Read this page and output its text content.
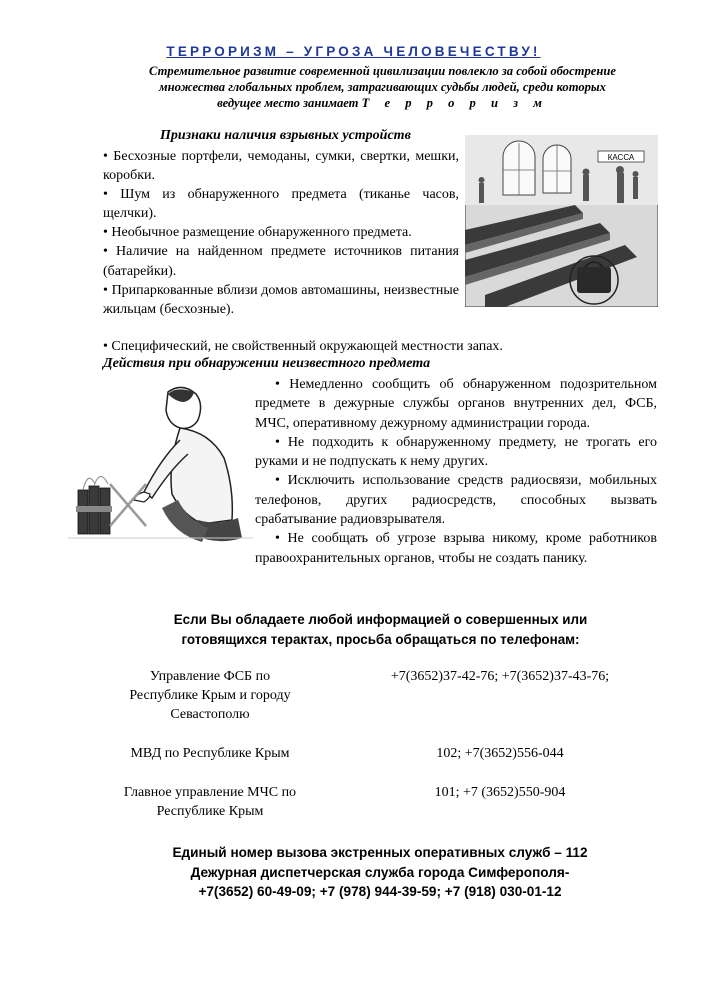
ТЕРРОРИЗМ – УГРОЗА ЧЕЛОВЕЧЕСТВУ!
Стремительное развитие современной цивилизации повлекло за собой обострение
множества глобальных проблем, затрагивающих судьбы людей, среди которых
ведущее место занимает Т е р р о р и з м
Признаки наличия взрывных устройств

• Бесхозные портфели, чемоданы, сумки, свертки, мешки, коробки.

• Шум из обнаруженного предмета (тиканье часов, щелчки).

• Необычное размещение обнаруженного предмета.

• Наличие на найденном предмете источников питания (батарейки).

• Припаркованные вблизи домов автомашины, неизвестные жильцам (бесхозные).

• Специфический, не свойственный окружающей местности запах.
КАССА
Действия при обнаружении неизвестного предмета

• Немедленно сообщить об обнаруженном подозрительном предмете в дежурные службы органов внутренних дел, ФСБ, МЧС, оперативному дежурному администрации города.

• Не подходить к обнаруженному предмету, не трогать его руками и не подпускать к нему других.

• Исключить использование средств радиосвязи, мобильных телефонов, других радиосредств, способных вызвать срабатывание радиовзрывателя.

• Не сообщать об угрозе взрыва никому, кроме работников правоохранительных органов, чтобы не создать панику.

Если Вы обладаете любой информацией о совершенных или
готовящихся терактах, просьба обращаться по телефонам:
Управление ФСБ по
Республике Крым и городу
Севастополю
+7(3652)37-42-76; +7(3652)37-43-76;
МВД по Республике Крым	102; +7(3652)556-044
Главное управление МЧС по
Республике Крым
101; +7 (3652)550-904
Единый номер вызова экстренных оперативных служб – 112
Дежурная диспетчерская служба города Симферополя-
+7(3652) 60-49-09; +7 (978) 944-39-59; +7 (918) 030-01-12
